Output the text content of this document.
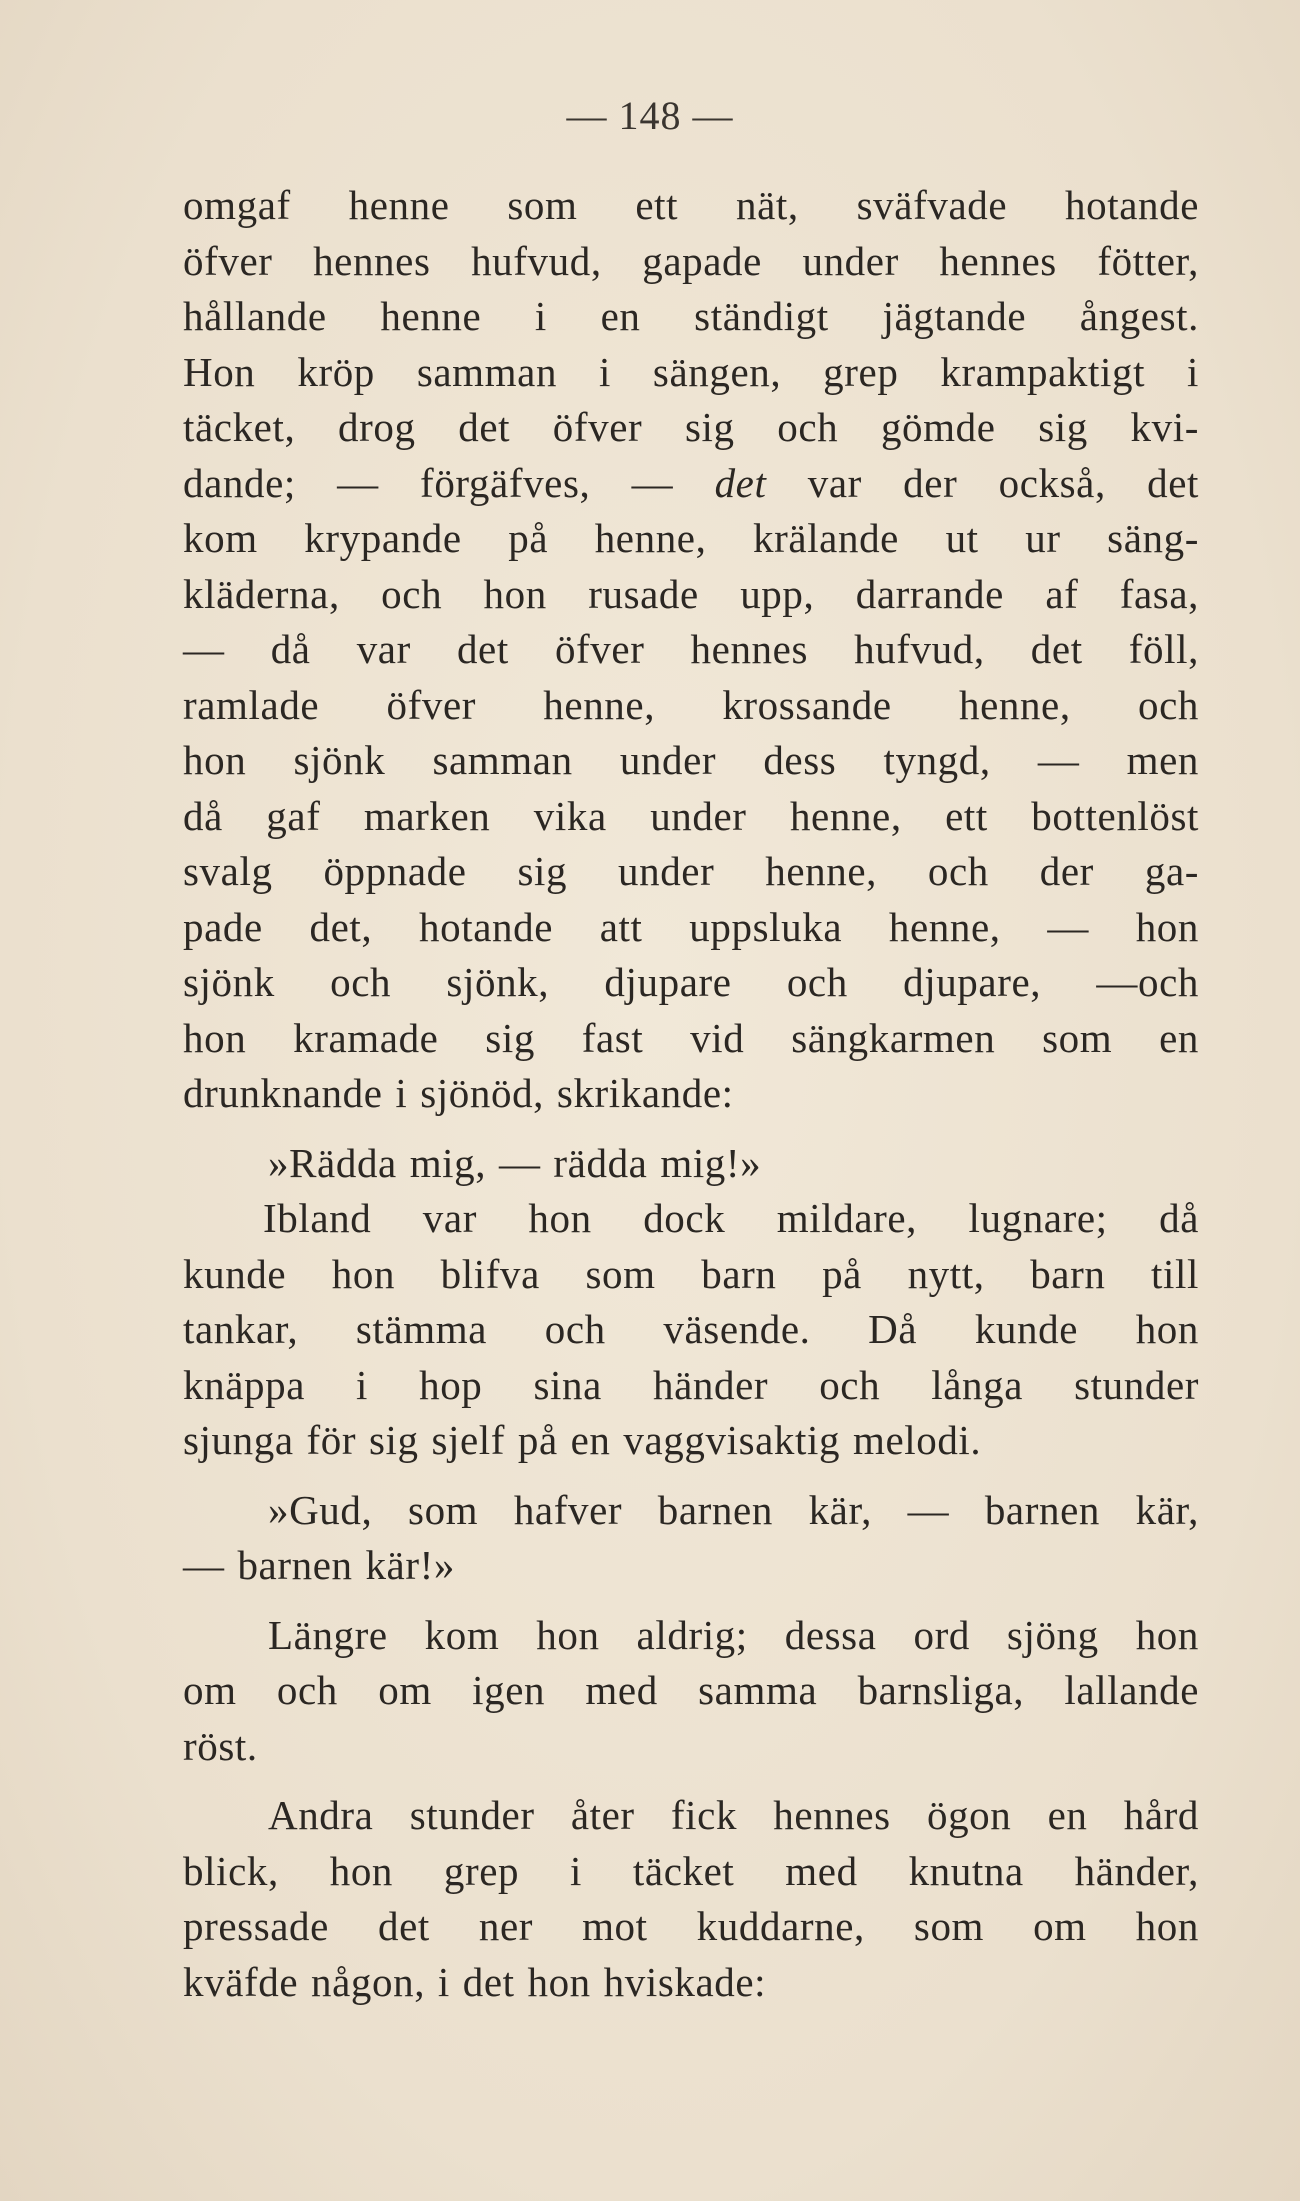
— 148 —
omgaf henne som ett nät, sväfvade hotande
öfver hennes hufvud, gapade under hennes fötter,
hållande henne i en ständigt jägtande ångest.
Hon kröp samman i sängen, grep krampaktigt i
täcket, drog det öfver sig och gömde sig kvi-
dande; — förgäfves, — det var der också, det
kom krypande på henne, krälande ut ur säng-
kläderna, och hon rusade upp, darrande af fasa,
— då var det öfver hennes hufvud, det föll,
ramlade öfver henne, krossande henne, och
hon sjönk samman under dess tyngd, — men
då gaf marken vika under henne, ett bottenlöst
svalg öppnade sig under henne, och der ga-
pade det, hotande att uppsluka henne, — hon
sjönk och sjönk, djupare och djupare, —och
hon kramade sig fast vid sängkarmen som en
drunknande i sjönöd, skrikande:
»Rädda mig, — rädda mig!»
Ibland var hon dock mildare, lugnare; då
kunde hon blifva som barn på nytt, barn till
tankar, stämma och väsende. Då kunde hon
knäppa i hop sina händer och långa stunder
sjunga för sig sjelf på en vaggvisaktig melodi.
»Gud, som hafver barnen kär, — barnen kär,
— barnen kär!»
Längre kom hon aldrig; dessa ord sjöng hon
om och om igen med samma barnsliga, lallande
röst.
Andra stunder åter fick hennes ögon en hård
blick, hon grep i täcket med knutna händer,
pressade det ner mot kuddarne, som om hon
kväfde någon, i det hon hviskade:
